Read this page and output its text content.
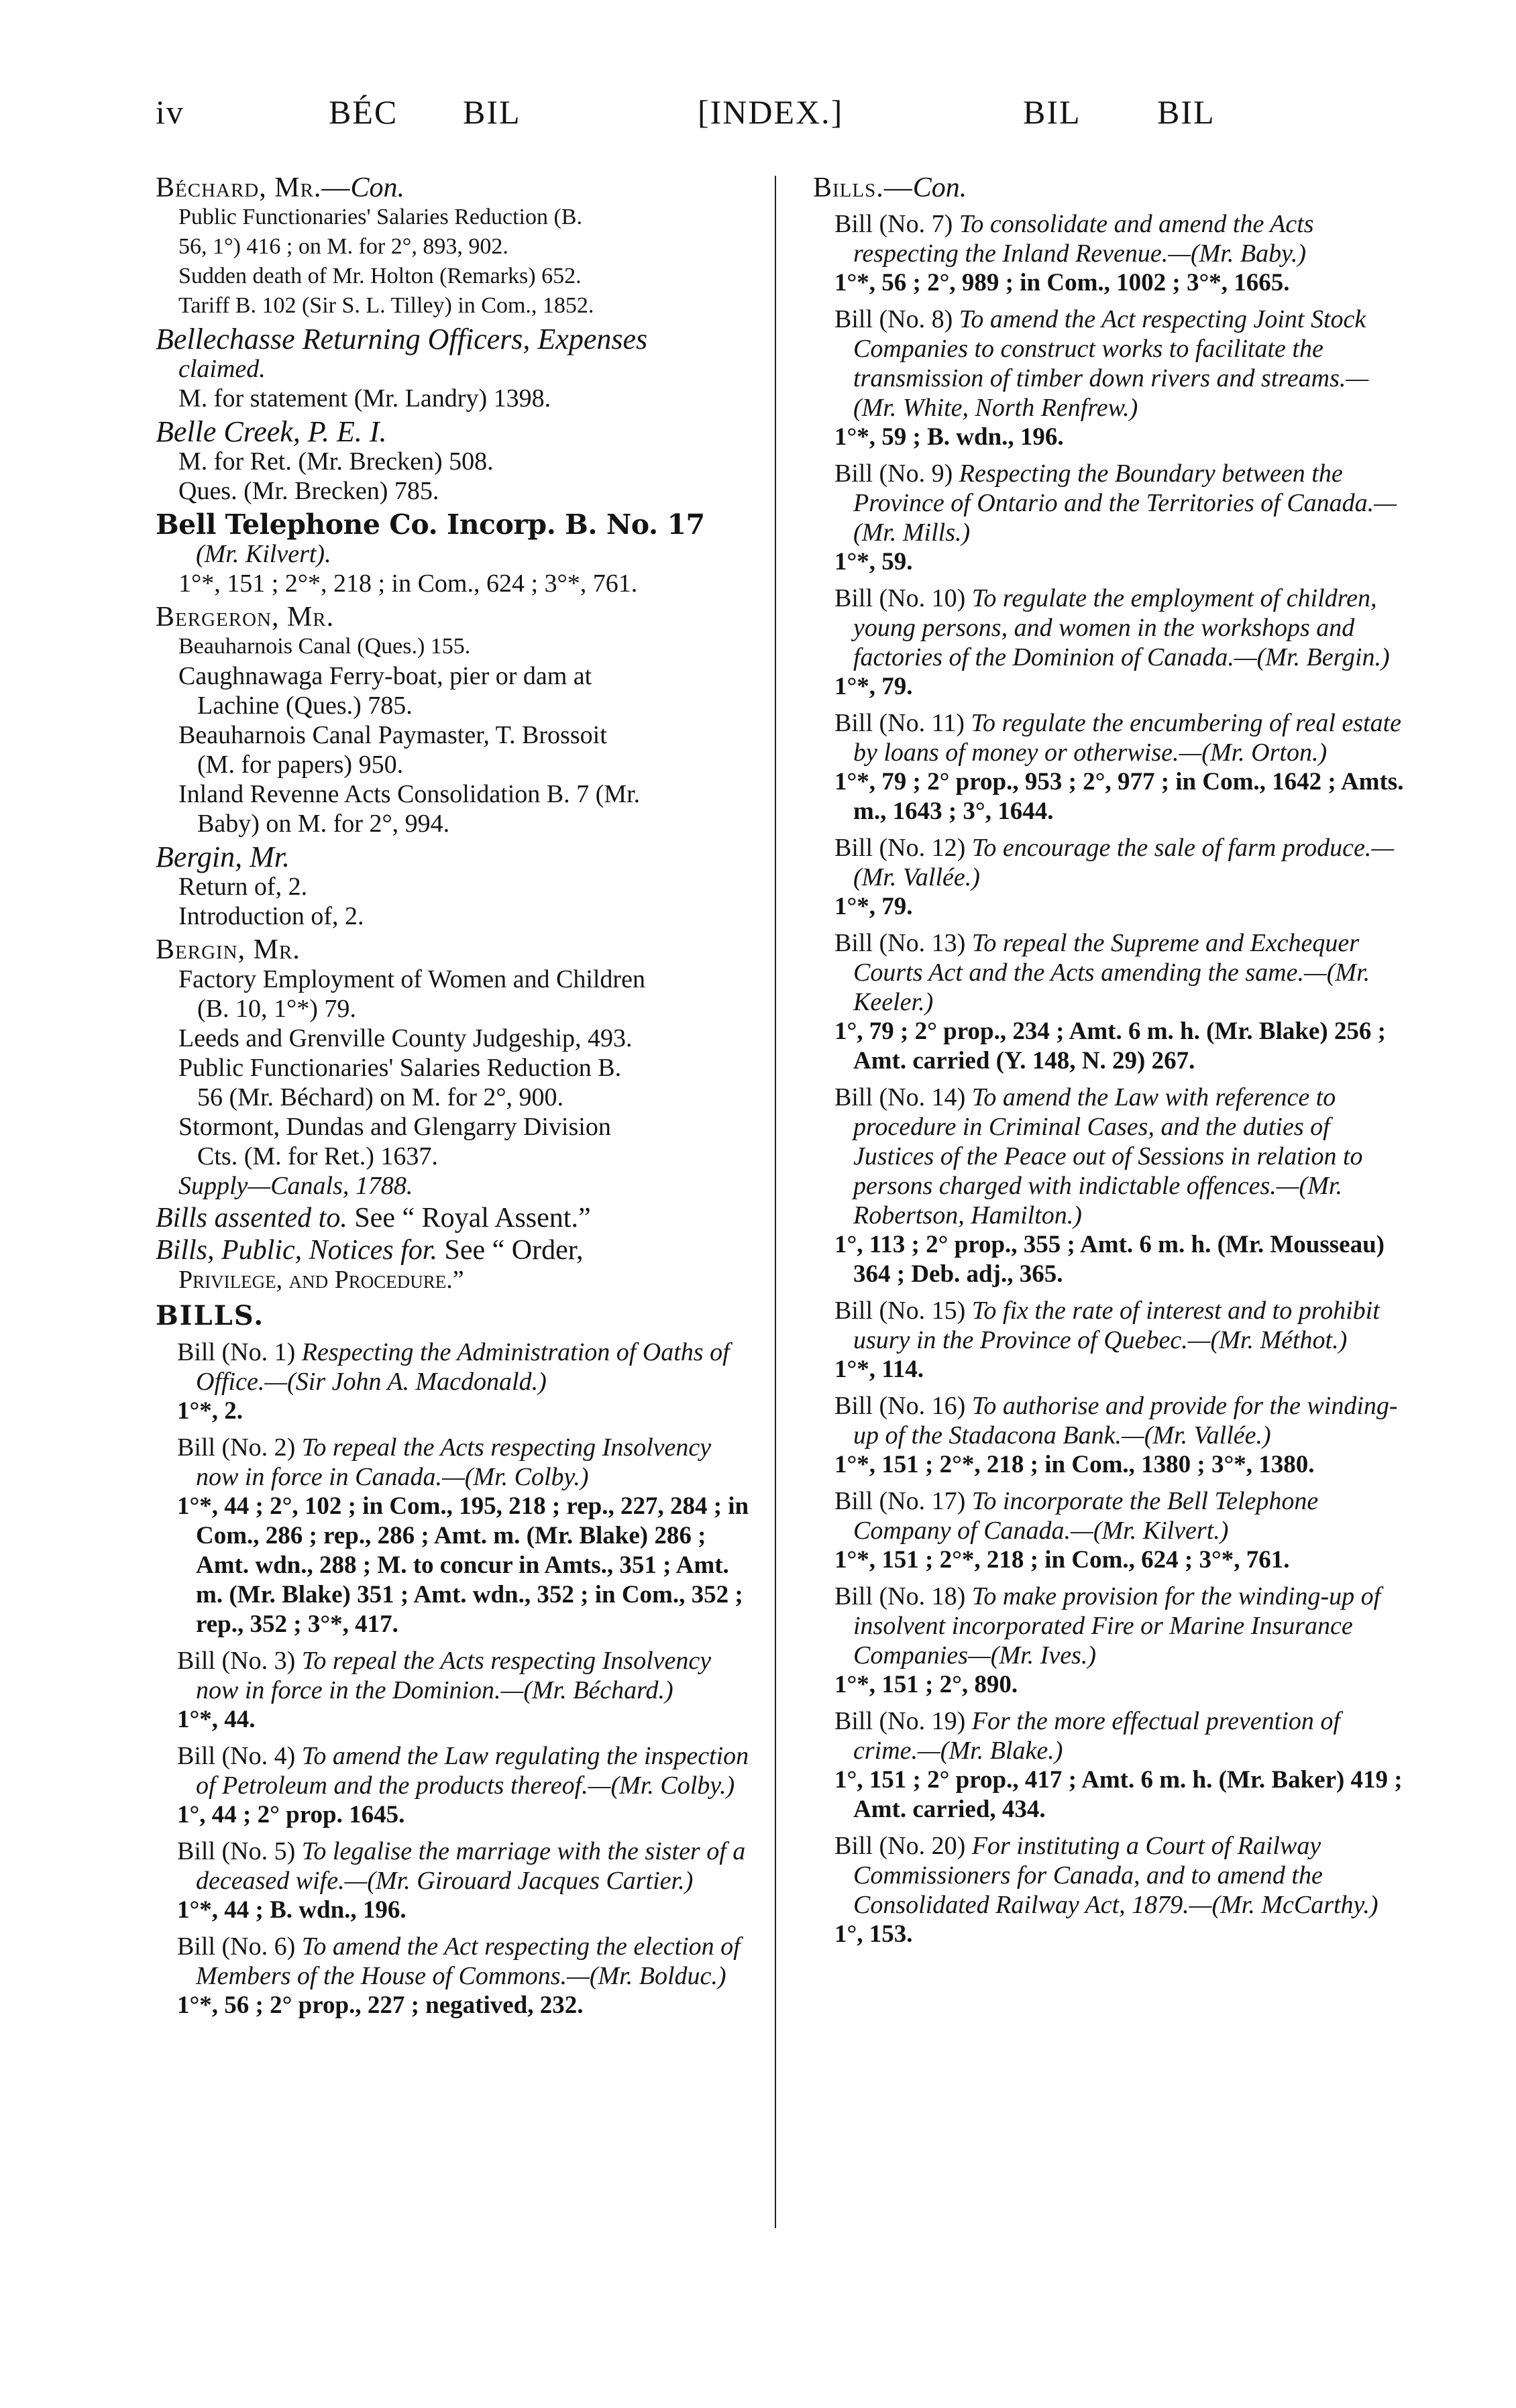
iv	BÉC BIL	[INDEX.]	BIL BIL
Béchard, Mr.—Con.
Public Functionaries' Salaries Reduction (B.
56, 1°) 416 ; on M. for 2°, 893, 902.
Sudden death of Mr. Holton (Remarks) 652.
Tariff B. 102 (Sir S. L. Tilley) in Com., 1852.
Bellechasse Returning Officers, Expenses
claimed.
M. for statement (Mr. Landry) 1398.
Belle Creek, P. E. I.
M. for Ret. (Mr. Brecken) 508.
Ques. (Mr. Brecken) 785.
Bell Telephone Co. Incorp. B. No. 17
(Mr. Kilvert).
1°*, 151 ; 2°*, 218 ; in Com., 624 ; 3°*, 761.
Bergeron, Mr.
Beauharnois Canal (Ques.) 155.
Caughnawaga Ferry-boat, pier or dam at
Lachine (Ques.) 785.
Beauharnois Canal Paymaster, T. Brossoit
(M. for papers) 950.
Inland Revenne Acts Consolidation B. 7 (Mr.
Baby) on M. for 2°, 994.
Bergin, Mr.
Return of, 2.
Introduction of, 2.
Bergin, Mr.
Factory Employment of Women and Children
(B. 10, 1°*) 79.
Leeds and Grenville County Judgeship, 493.
Public Functionaries' Salaries Reduction B.
56 (Mr. Béchard) on M. for 2°, 900.
Stormont, Dundas and Glengarry Division
Cts. (M. for Ret.) 1637.
Supply—Canals, 1788.
Bills assented to. See “ Royal Assent.”
Bills, Public, Notices for. See “ Order,
Privilege, and Procedure.”
BILLS.
Bill (No. 1) Respecting the Administration of Oaths of Office.—(Sir John A. Macdonald.)
1°*, 2.
Bill (No. 2) To repeal the Acts respecting Insolvency now in force in Canada.—(Mr. Colby.)
1°*, 44 ; 2°, 102 ; in Com., 195, 218 ; rep., 227, 284 ; in Com., 286 ; rep., 286 ; Amt. m. (Mr. Blake) 286 ; Amt. wdn., 288 ; M. to concur in Amts., 351 ; Amt. m. (Mr. Blake) 351 ; Amt. wdn., 352 ; in Com., 352 ; rep., 352 ; 3°*, 417.
Bill (No. 3) To repeal the Acts respecting Insolvency now in force in the Dominion.—(Mr. Béchard.)
1°*, 44.
Bill (No. 4) To amend the Law regulating the inspection of Petroleum and the products thereof.—(Mr. Colby.)
1°, 44 ; 2° prop. 1645.
Bill (No. 5) To legalise the marriage with the sister of a deceased wife.—(Mr. Girouard Jacques Cartier.)
1°*, 44 ; B. wdn., 196.
Bill (No. 6) To amend the Act respecting the election of Members of the House of Commons.—(Mr. Bolduc.)
1°*, 56 ; 2° prop., 227 ; negatived, 232.
Bills.—Con.
Bill (No. 7) To consolidate and amend the Acts respecting the Inland Revenue.—(Mr. Baby.)
1°*, 56 ; 2°, 989 ; in Com., 1002 ; 3°*, 1665.
Bill (No. 8) To amend the Act respecting Joint Stock Companies to construct works to facilitate the transmission of timber down rivers and streams.—(Mr. White, North Renfrew.)
1°*, 59 ; B. wdn., 196.
Bill (No. 9) Respecting the Boundary between the Province of Ontario and the Territories of Canada.—(Mr. Mills.)
1°*, 59.
Bill (No. 10) To regulate the employment of children, young persons, and women in the workshops and factories of the Dominion of Canada.—(Mr. Bergin.)
1°*, 79.
Bill (No. 11) To regulate the encumbering of real estate by loans of money or otherwise.—(Mr. Orton.)
1°*, 79 ; 2° prop., 953 ; 2°, 977 ; in Com., 1642 ; Amts. m., 1643 ; 3°, 1644.
Bill (No. 12) To encourage the sale of farm produce.—(Mr. Vallée.)
1°*, 79.
Bill (No. 13) To repeal the Supreme and Exchequer Courts Act and the Acts amending the same.—(Mr. Keeler.)
1°, 79 ; 2° prop., 234 ; Amt. 6 m. h. (Mr. Blake) 256 ; Amt. carried (Y. 148, N. 29) 267.
Bill (No. 14) To amend the Law with reference to procedure in Criminal Cases, and the duties of Justices of the Peace out of Sessions in relation to persons charged with indictable offences.—(Mr. Robertson, Hamilton.)
1°, 113 ; 2° prop., 355 ; Amt. 6 m. h. (Mr. Mousseau) 364 ; Deb. adj., 365.
Bill (No. 15) To fix the rate of interest and to prohibit usury in the Province of Quebec.—(Mr. Méthot.)
1°*, 114.
Bill (No. 16) To authorise and provide for the winding-up of the Stadacona Bank.—(Mr. Vallée.)
1°*, 151 ; 2°*, 218 ; in Com., 1380 ; 3°*, 1380.
Bill (No. 17) To incorporate the Bell Telephone Company of Canada.—(Mr. Kilvert.)
1°*, 151 ; 2°*, 218 ; in Com., 624 ; 3°*, 761.
Bill (No. 18) To make provision for the winding-up of insolvent incorporated Fire or Marine Insurance Companies—(Mr. Ives.)
1°*, 151 ; 2°, 890.
Bill (No. 19) For the more effectual prevention of crime.—(Mr. Blake.)
1°, 151 ; 2° prop., 417 ; Amt. 6 m. h. (Mr. Baker) 419 ; Amt. carried, 434.
Bill (No. 20) For instituting a Court of Railway Commissioners for Canada, and to amend the Consolidated Railway Act, 1879.—(Mr. McCarthy.)
1°, 153.
